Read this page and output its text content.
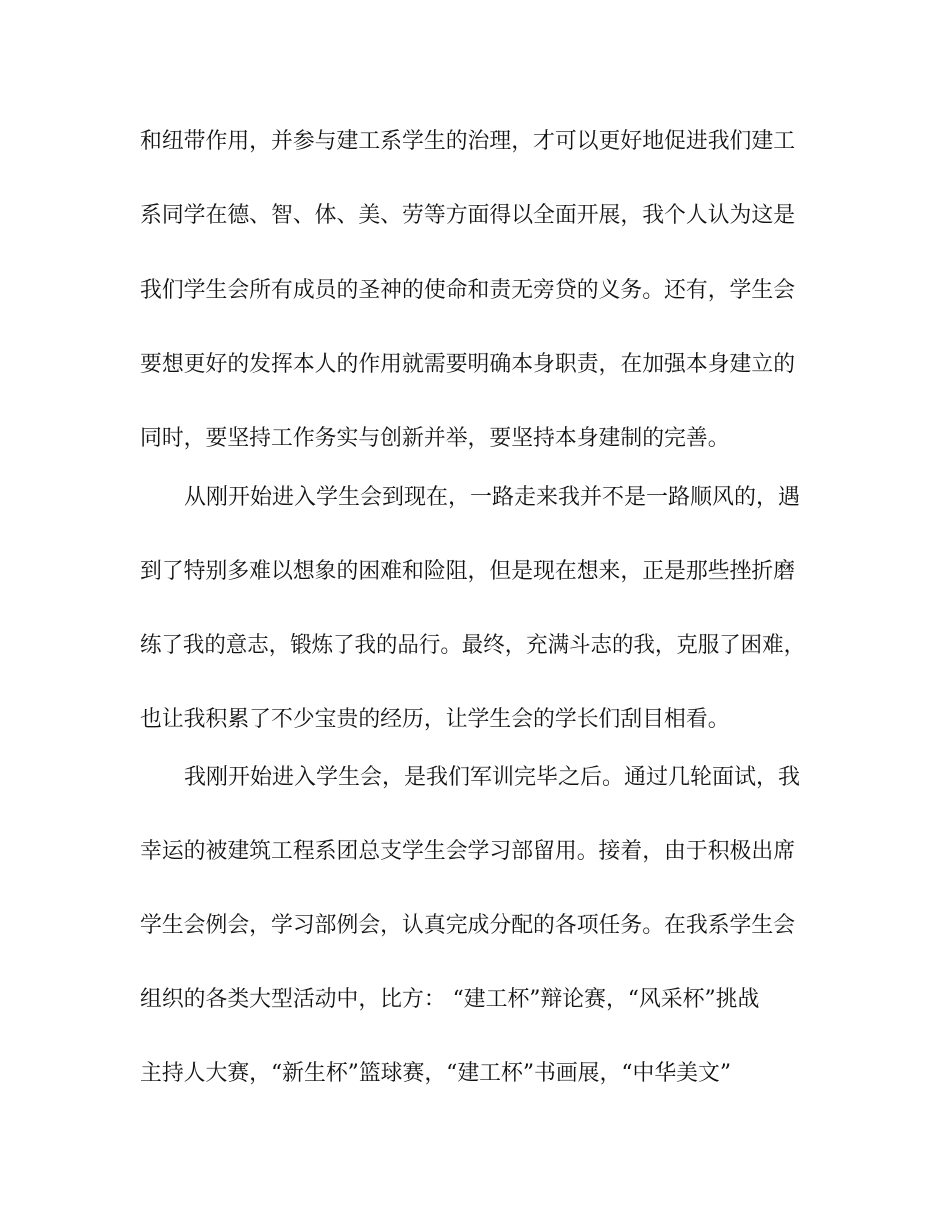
和纽带作用，并参与建工系学生的治理，才可以更好地促进我们建工
系同学在德、智、体、美、劳等方面得以全面开展，我个人认为这是
我们学生会所有成员的圣神的使命和责无旁贷的义务。还有，学生会
要想更好的发挥本人的作用就需要明确本身职责，在加强本身建立的
同时，要坚持工作务实与创新并举，要坚持本身建制的完善。
从刚开始进入学生会到现在，一路走来我并不是一路顺风的，遇
到了特别多难以想象的困难和险阻，但是现在想来，正是那些挫折磨
练了我的意志，锻炼了我的品行。最终，充满斗志的我，克服了困难，
也让我积累了不少宝贵的经历，让学生会的学长们刮目相看。
我刚开始进入学生会，是我们军训完毕之后。通过几轮面试，我
幸运的被建筑工程系团总支学生会学习部留用。接着，由于积极出席
学生会例会，学习部例会，认真完成分配的各项任务。在我系学生会
组织的各类大型活动中，比方： “建工杯”辩论赛，“风采杯”挑战
主持人大赛，“新生杯”篮球赛，“建工杯”书画展，“中华美文”
